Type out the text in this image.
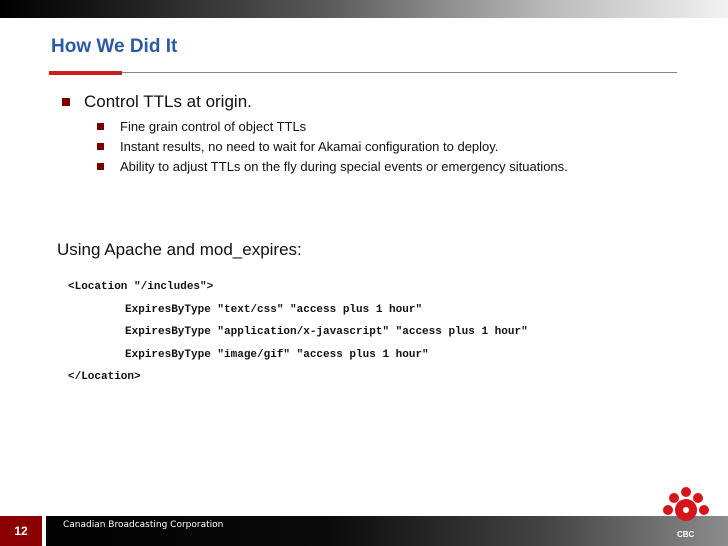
How We Did It
Control TTLs at origin.
Fine grain control of object TTLs
Instant results, no need to wait for Akamai configuration to deploy.
Ability to adjust TTLs on the fly during special events or emergency situations.
Using Apache and mod_expires:
<Location "/includes">
ExpiresByType "text/css" "access plus 1 hour"
ExpiresByType "application/x-javascript" "access plus 1 hour"
ExpiresByType "image/gif" "access plus 1 hour"
</Location>
12	Canadian Broadcasting Corporation
CBC
